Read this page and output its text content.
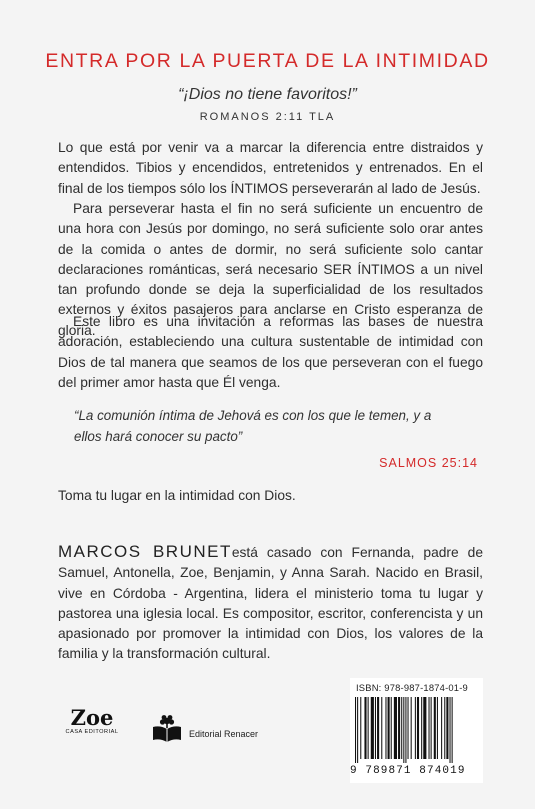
ENTRA POR LA PUERTA DE LA INTIMIDAD
“¡Dios no tiene favoritos!”
ROMANOS 2:11 TLA
Lo que está por venir va a marcar la diferencia entre distraidos y entendidos. Tibios y encendidos, entretenidos y entrenados. En el final de los tiempos sólo los ÍNTIMOS perseverarán al lado de Jesús.
Para perseverar hasta el fin no será suficiente un encuentro de una hora con Jesús por domingo, no será suficiente solo orar antes de la comida o antes de dormir, no será suficiente solo cantar declaraciones románticas, será necesario SER ÍNTIMOS a un nivel tan profundo donde se deja la superficialidad de los resultados externos y éxitos pasajeros para anclarse en Cristo esperanza de gloria.
Este libro es una invitación a reformas las bases de nuestra adoración, estableciendo una cultura sustentable de intimidad con Dios de tal manera que seamos de los que perseveran con el fuego del primer amor hasta que Él venga.
“La comunión íntima de Jehová es con los que le temen, y a ellos hará conocer su pacto”
SALMOS 25:14
Toma tu lugar en la intimidad con Dios.
MARCOS BRUNETestá casado con Fernanda, padre de Samuel, Antonella, Zoe, Benjamin, y Anna Sarah. Nacido en Brasil, vive en Córdoba - Argentina, lidera el ministerio toma tu lugar y pastorea una iglesia local. Es compositor, escritor, conferencista y un apasionado por promover la intimidad con Dios, los valores de la familia y la transformación cultural.
Zoe
CASA EDITORIAL	Editorial Renacer
ISBN: 978-987-1874-01-9
9 789871 874019
